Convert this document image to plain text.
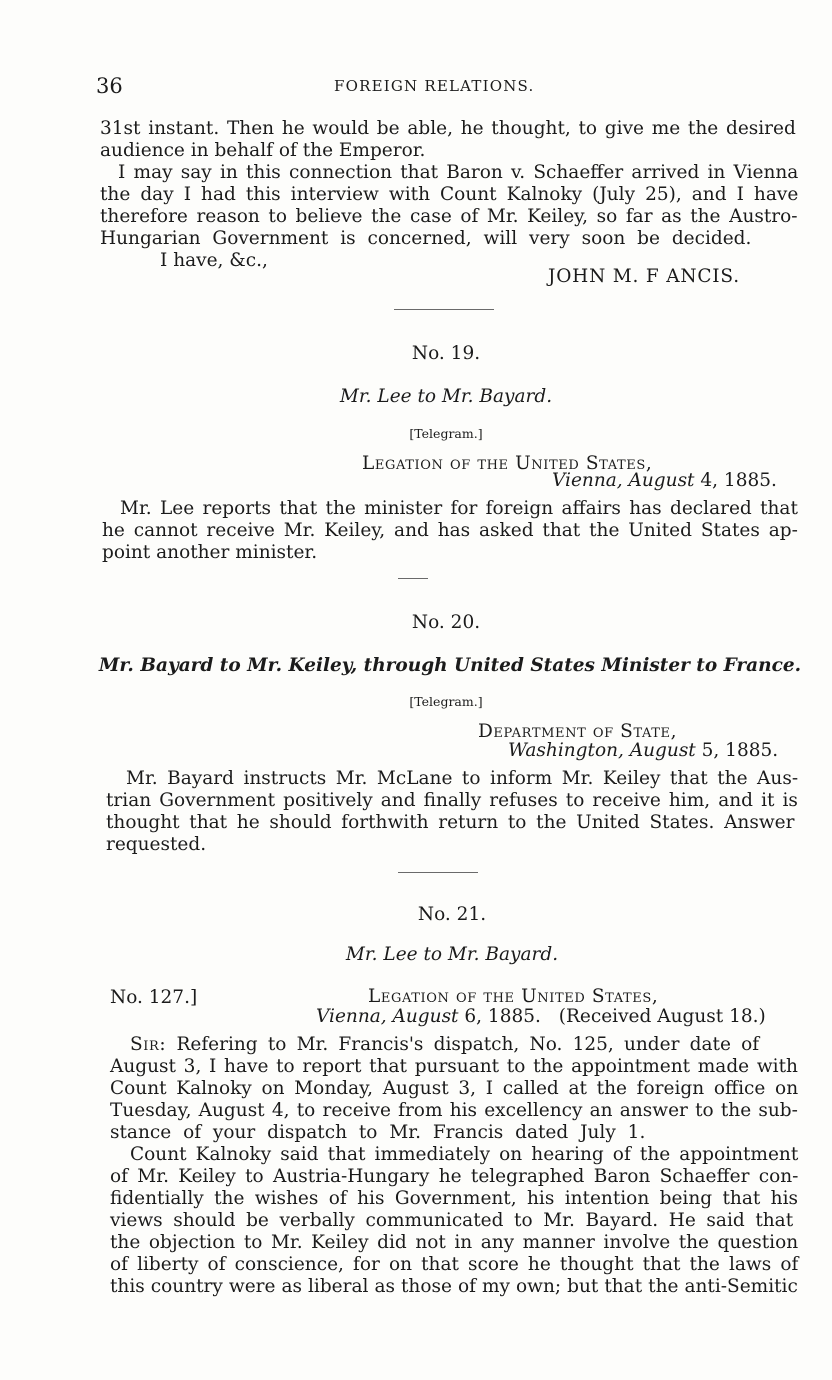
36	FOREIGN RELATIONS.
31st instant. Then he would be able, he thought, to give me the desired
audience in behalf of the Emperor.
I may say in this connection that Baron v. Schaeffer arrived in Vienna
the day I had this interview with Count Kalnoky (July 25), and I have
therefore reason to believe the case of Mr. Keiley, so far as the Austro-
Hungarian Government is concerned, will very soon be decided.
I have, &c.,
JOHN M. F ANCIS.
No. 19.
Mr. Lee to Mr. Bayard.
[Telegram.]
Legation of the United States,
Vienna, August 4, 1885.
Mr. Lee reports that the minister for foreign affairs has declared that
he cannot receive Mr. Keiley, and has asked that the United States ap-
point another minister.
No. 20.
Mr. Bayard to Mr. Keiley, through United States Minister to France.
[Telegram.]
Department of State,
Washington, August 5, 1885.
Mr. Bayard instructs Mr. McLane to inform Mr. Keiley that the Aus-
trian Government positively and finally refuses to receive him, and it is
thought that he should forthwith return to the United States. Answer
requested.
No. 21.
Mr. Lee to Mr. Bayard.
No. 127.]	Legation of the United States,
Vienna, August 6, 1885. (Received August 18.)
Sir: Refering to Mr. Francis's dispatch, No. 125, under date of
August 3, I have to report that pursuant to the appointment made with
Count Kalnoky on Monday, August 3, I called at the foreign office on
Tuesday, August 4, to receive from his excellency an answer to the sub-
stance of your dispatch to Mr. Francis dated July 1.
Count Kalnoky said that immediately on hearing of the appointment
of Mr. Keiley to Austria-Hungary he telegraphed Baron Schaeffer con-
fidentially the wishes of his Government, his intention being that his
views should be verbally communicated to Mr. Bayard. He said that
the objection to Mr. Keiley did not in any manner involve the question
of liberty of conscience, for on that score he thought that the laws of
this country were as liberal as those of my own; but that the anti-Semitic
